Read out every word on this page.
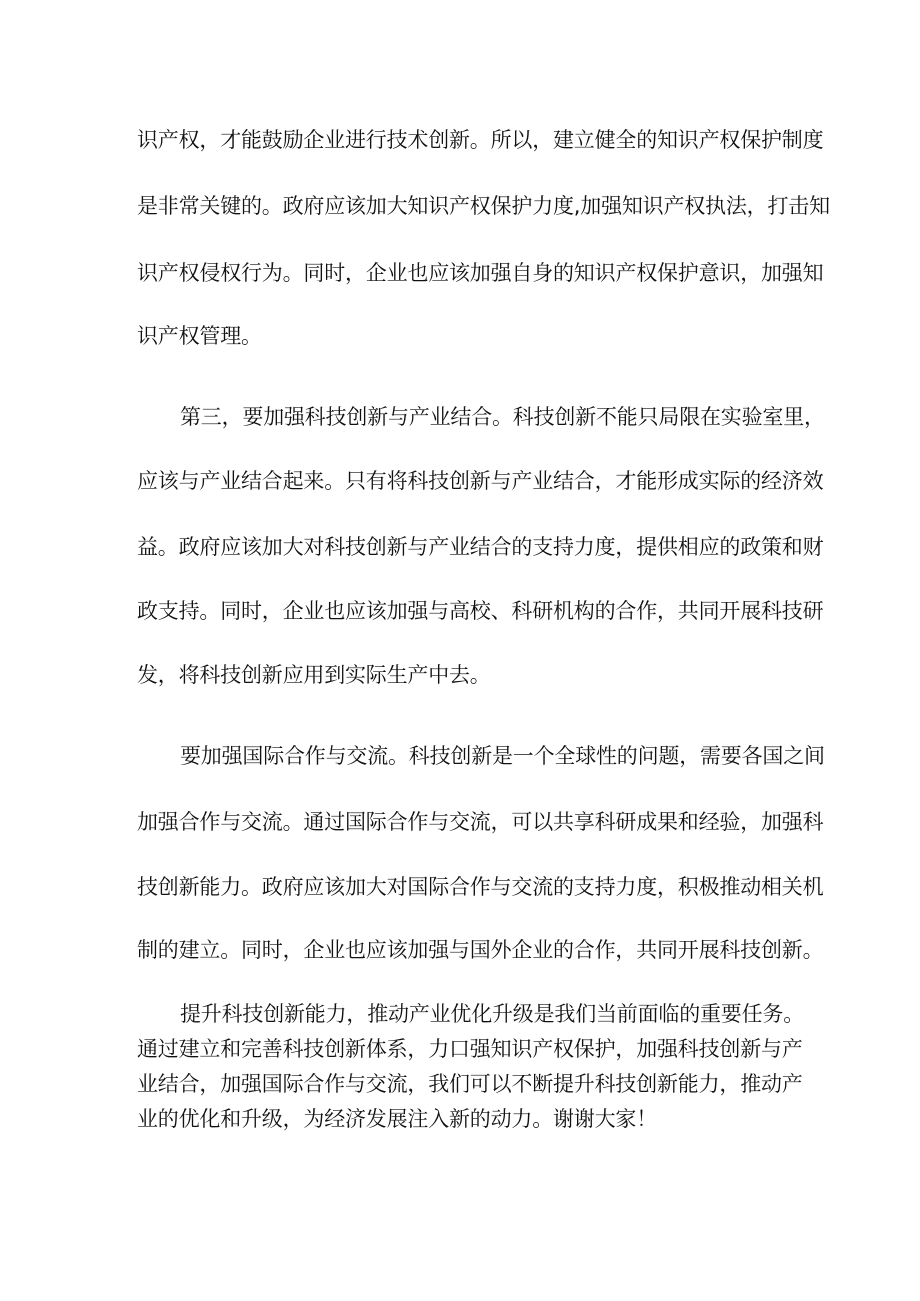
识产权，才能鼓励企业进行技术创新。所以，建立健全的知识产权保护制度
是非常关键的。政府应该加大知识产权保护力度,加强知识产权执法，打击知
识产权侵权行为。同时，企业也应该加强自身的知识产权保护意识，加强知
识产权管理。
第三，要加强科技创新与产业结合。科技创新不能只局限在实验室里，
应该与产业结合起来。只有将科技创新与产业结合，才能形成实际的经济效
益。政府应该加大对科技创新与产业结合的支持力度，提供相应的政策和财
政支持。同时，企业也应该加强与高校、科研机构的合作，共同开展科技研
发，将科技创新应用到实际生产中去。
要加强国际合作与交流。科技创新是一个全球性的问题，需要各国之间
加强合作与交流。通过国际合作与交流，可以共享科研成果和经验，加强科
技创新能力。政府应该加大对国际合作与交流的支持力度，积极推动相关机
制的建立。同时，企业也应该加强与国外企业的合作，共同开展科技创新。
提升科技创新能力，推动产业优化升级是我们当前面临的重要任务。
通过建立和完善科技创新体系，力口强知识产权保护，加强科技创新与产
业结合，加强国际合作与交流，我们可以不断提升科技创新能力，推动产
业的优化和升级，为经济发展注入新的动力。谢谢大家！
